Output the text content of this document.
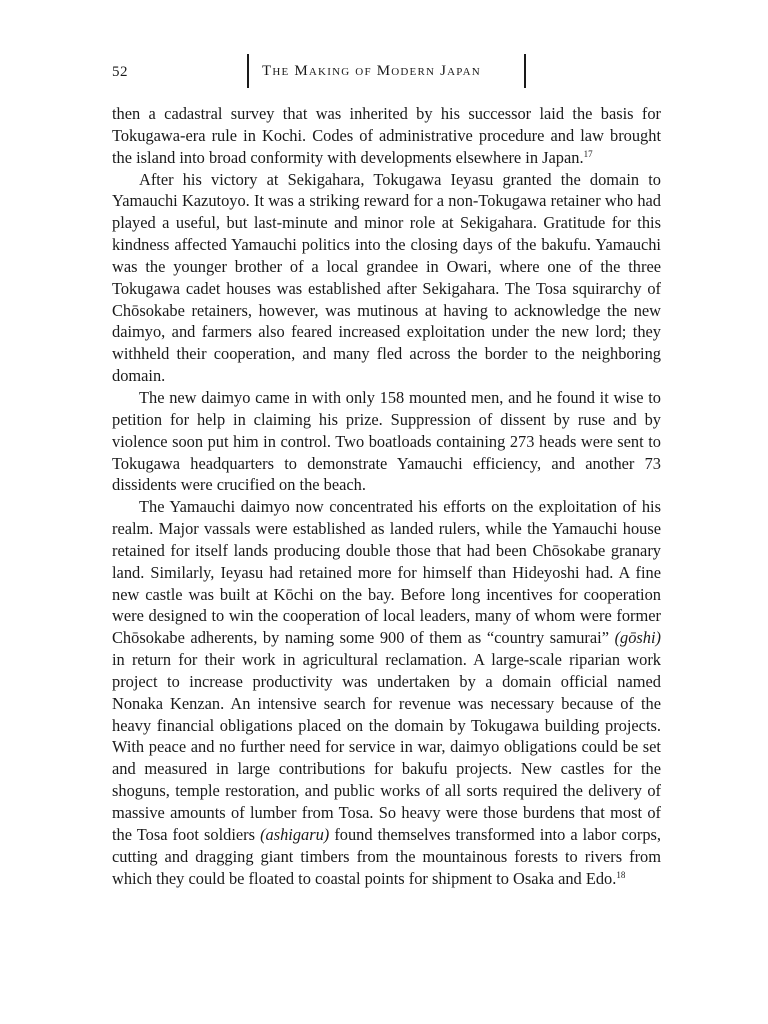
52	The Making of Modern Japan

then a cadastral survey that was inherited by his successor laid the basis for Tokugawa-era rule in Kochi. Codes of administrative procedure and law brought the island into broad conformity with developments elsewhere in Japan.$^{17}$

After his victory at Sekigahara, Tokugawa Ieyasu granted the domain to Yamauchi Kazutoyo. It was a striking reward for a non-Tokugawa retainer who had played a useful, but last-minute and minor role at Sekigahara. Gratitude for this kindness affected Yamauchi politics into the closing days of the bakufu. Yamauchi was the younger brother of a local grandee in Owari, where one of the three Tokugawa cadet houses was established after Sekigahara. The Tosa squirarchy of Chōsokabe retainers, however, was mutinous at having to acknowledge the new daimyo, and farmers also feared increased exploitation under the new lord; they withheld their cooperation, and many fled across the border to the neighboring domain.

The new daimyo came in with only 158 mounted men, and he found it wise to petition for help in claiming his prize. Suppression of dissent by ruse and by violence soon put him in control. Two boatloads containing 273 heads were sent to Tokugawa headquarters to demonstrate Yamauchi efficiency, and another 73 dissidents were crucified on the beach.

The Yamauchi daimyo now concentrated his efforts on the exploitation of his realm. Major vassals were established as landed rulers, while the Yamauchi house retained for itself lands producing double those that had been Chōsokabe granary land. Similarly, Ieyasu had retained more for himself than Hideyoshi had. A fine new castle was built at Kōchi on the bay. Before long incentives for cooperation were designed to win the cooperation of local leaders, many of whom were former Chōsokabe adherents, by naming some 900 of them as “country samurai” (gōshi) in return for their work in agricultural reclamation. A large-scale riparian work project to increase productivity was undertaken by a domain official named Nonaka Kenzan. An intensive search for revenue was necessary because of the heavy financial obligations placed on the domain by Tokugawa building projects. With peace and no further need for service in war, daimyo obligations could be set and measured in large contributions for bakufu projects. New castles for the shoguns, temple restoration, and public works of all sorts required the delivery of massive amounts of lumber from Tosa. So heavy were those burdens that most of the Tosa foot soldiers (ashigaru) found themselves transformed into a labor corps, cutting and dragging giant timbers from the mountainous forests to rivers from which they could be floated to coastal points for shipment to Osaka and Edo.$^{18}$
